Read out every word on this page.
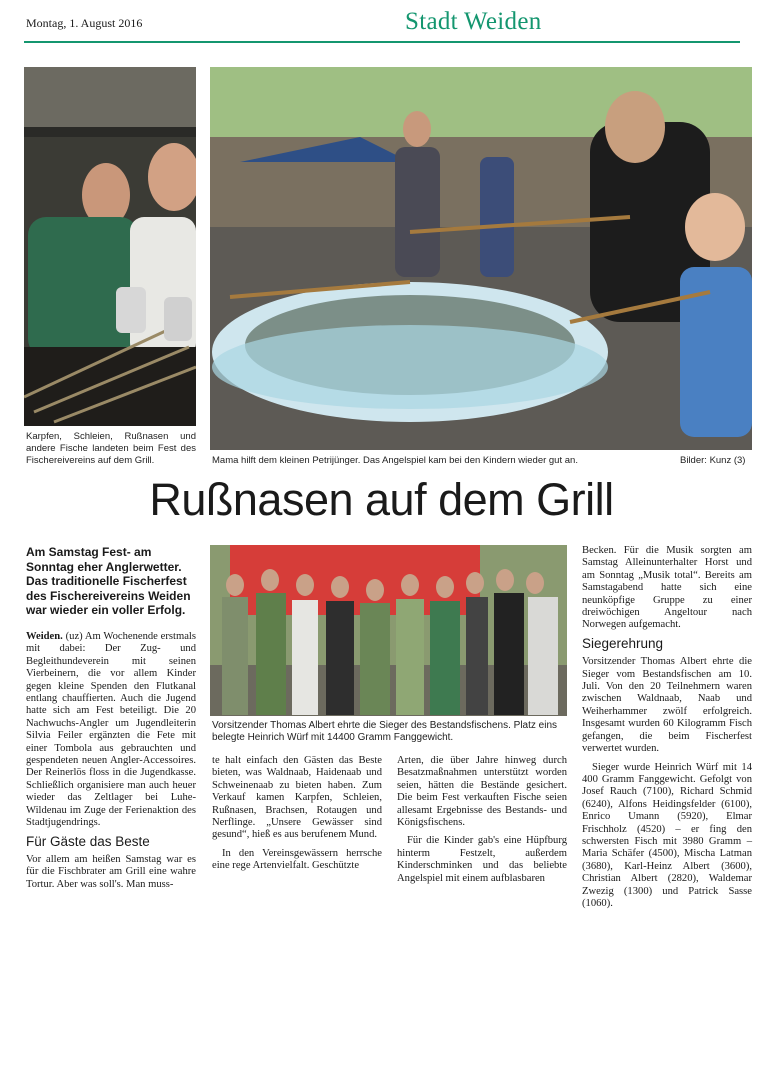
Montag, 1. August 2016	Stadt Weiden
Karpfen, Schleien, Rußnasen und andere Fische landeten beim Fest des Fischereivereins auf dem Grill.	Mama hilft dem kleinen Petrijünger. Das Angelspiel kam bei den Kindern wieder gut an.	Bilder: Kunz (3)
Rußnasen auf dem Grill
Am Samstag Fest- am Sonntag eher Anglerwetter. Das traditionelle Fischerfest des Fischereivereins Weiden war wieder ein voller Erfolg.

Weiden. (uz) Am Wochenende erstmals mit dabei: Der Zug- und Begleithundeverein mit seinen Vierbeinern, die vor allem Kinder gegen kleine Spenden den Flutkanal entlang chauffierten. Auch die Jugend hatte sich am Fest beteiligt. Die 20 Nachwuchs-Angler um Jugendleiterin Silvia Feiler ergänzten die Fete mit einer Tombola aus gebrauchten und gespendeten neuen Angler-Accessoires. Der Reinerlös floss in die Jugendkasse. Schließlich organisiere man auch heuer wieder das Zeltlager bei Luhe-Wildenau im Zuge der Ferienaktion des Stadtjugendrings.

Für Gäste das Beste

Vor allem am heißen Samstag war es für die Fischbrater am Grill eine wahre Tortur. Aber was soll's. Man muss-

Vorsitzender Thomas Albert ehrte die Sieger des Bestandsfischens. Platz eins belegte Heinrich Würf mit 14400 Gramm Fanggewicht.

te halt einfach den Gästen das Beste bieten, was Waldnaab, Haidenaab und Schweinenaab zu bieten haben. Zum Verkauf kamen Karpfen, Schleien, Rußnasen, Brachsen, Rotaugen und Nerflinge. „Unsere Gewässer sind gesund“, hieß es aus berufenem Mund.

In den Vereinsgewässern herrsche eine rege Artenvielfalt. Geschützte

Arten, die über Jahre hinweg durch Besatzmaßnahmen unterstützt worden seien, hätten die Bestände gesichert. Die beim Fest verkauften Fische seien allesamt Ergebnisse des Bestands- und Königsfischens.

Für die Kinder gab's eine Hüpfburg hinterm Festzelt, außerdem Kinderschminken und das beliebte Angelspiel mit einem aufblasbaren

Becken. Für die Musik sorgten am Samstag Alleinunterhalter Horst und am Sonntag „Musik total“. Bereits am Samstagabend hatte sich eine neunköpfige Gruppe zu einer dreiwöchigen Angeltour nach Norwegen aufgemacht.

Siegerehrung

Vorsitzender Thomas Albert ehrte die Sieger vom Bestandsfischen am 10. Juli. Von den 20 Teilnehmern waren zwischen Waldnaab, Naab und Weiherhammer zwölf erfolgreich. Insgesamt wurden 60 Kilogramm Fisch gefangen, die beim Fischerfest verwertet wurden.

Sieger wurde Heinrich Würf mit 14 400 Gramm Fanggewicht. Gefolgt von Josef Rauch (7100), Richard Schmid (6240), Alfons Heidingsfelder (6100), Enrico Umann (5920), Elmar Frischholz (4520) – er fing den schwersten Fisch mit 3980 Gramm – Maria Schäfer (4500), Mischa Latman (3680), Karl-Heinz Albert (3600), Christian Albert (2820), Waldemar Zwezig (1300) und Patrick Sasse (1060).
